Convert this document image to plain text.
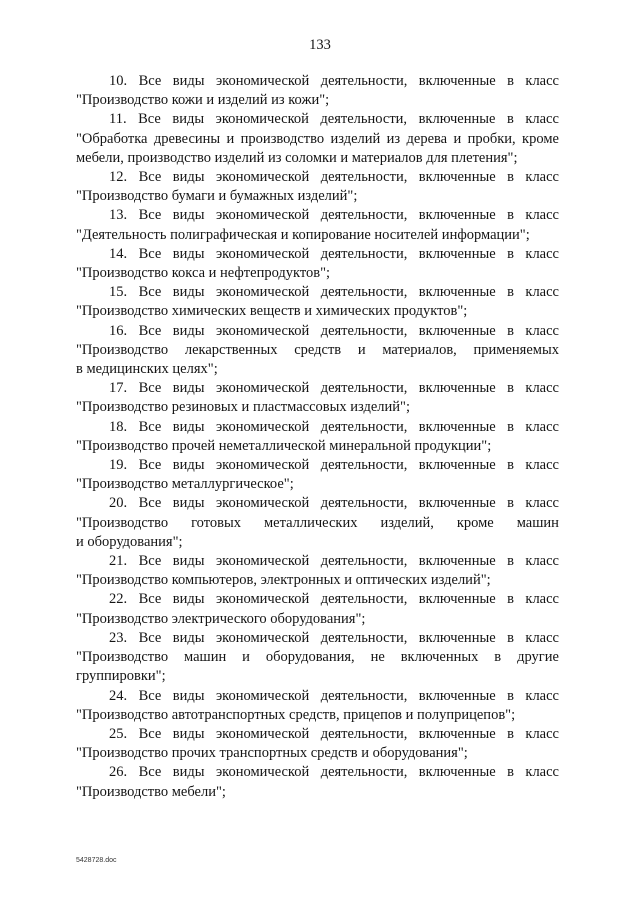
133

10. Все виды экономической деятельности, включенные в класс
"Производство кожи и изделий из кожи";

11. Все виды экономической деятельности, включенные в класс
"Обработка древесины и производство изделий из дерева и пробки, кроме
мебели, производство изделий из соломки и материалов для плетения";

12. Все виды экономической деятельности, включенные в класс
"Производство бумаги и бумажных изделий";

13. Все виды экономической деятельности, включенные в класс
"Деятельность полиграфическая и копирование носителей информации";

14. Все виды экономической деятельности, включенные в класс
"Производство кокса и нефтепродуктов";

15. Все виды экономической деятельности, включенные в класс
"Производство химических веществ и химических продуктов";

16. Все виды экономической деятельности, включенные в класс
"Производство лекарственных средств и материалов, применяемых
в медицинских целях";

17. Все виды экономической деятельности, включенные в класс
"Производство резиновых и пластмассовых изделий";

18. Все виды экономической деятельности, включенные в класс
"Производство прочей неметаллической минеральной продукции";

19. Все виды экономической деятельности, включенные в класс
"Производство металлургическое";

20. Все виды экономической деятельности, включенные в класс
"Производство готовых металлических изделий, кроме машин
и оборудования";

21. Все виды экономической деятельности, включенные в класс
"Производство компьютеров, электронных и оптических изделий";

22. Все виды экономической деятельности, включенные в класс
"Производство электрического оборудования";

23. Все виды экономической деятельности, включенные в класс
"Производство машин и оборудования, не включенных в другие
группировки";

24. Все виды экономической деятельности, включенные в класс
"Производство автотранспортных средств, прицепов и полуприцепов";

25. Все виды экономической деятельности, включенные в класс
"Производство прочих транспортных средств и оборудования";

26. Все виды экономической деятельности, включенные в класс
"Производство мебели";

5428728.doc
